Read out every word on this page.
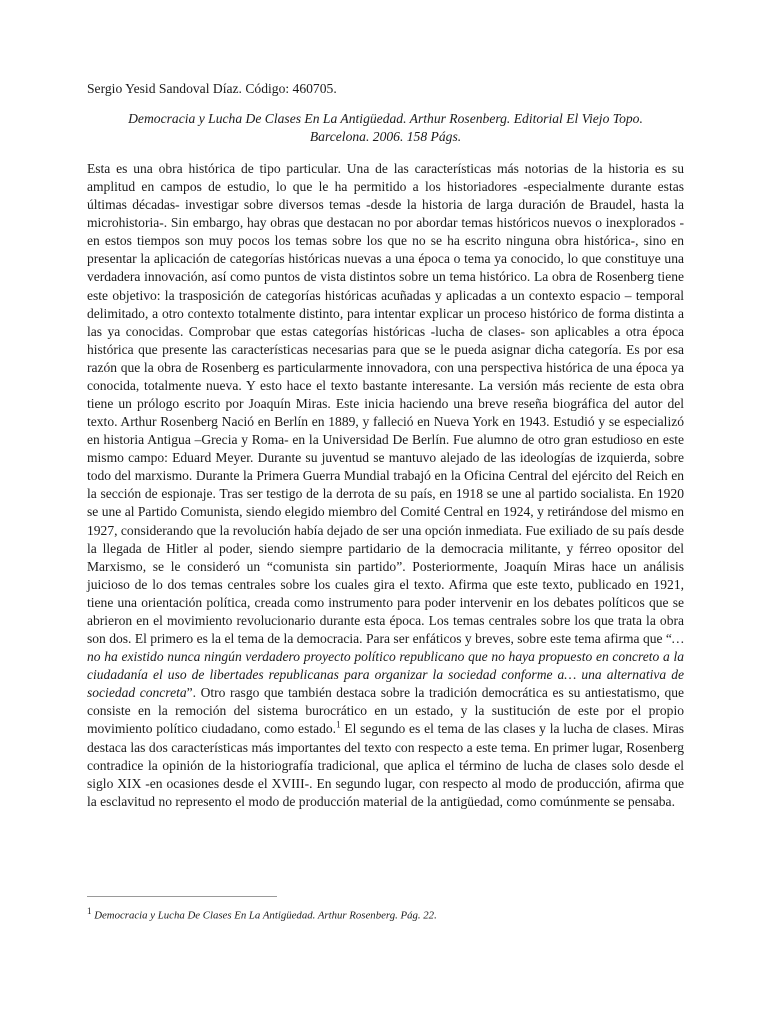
Sergio Yesid Sandoval Díaz. Código: 460705.

Democracia y Lucha De Clases En La Antigüedad. Arthur Rosenberg. Editorial El Viejo Topo.
Barcelona. 2006. 158 Págs.

Esta es una obra histórica de tipo particular. Una de las características más notorias de la historia es su amplitud en campos de estudio, lo que le ha permitido a los historiadores -especialmente durante estas últimas décadas- investigar sobre diversos temas -desde la historia de larga duración de Braudel, hasta la microhistoria-. Sin embargo, hay obras que destacan no por abordar temas históricos nuevos o inexplorados -en estos tiempos son muy pocos los temas sobre los que no se ha escrito ninguna obra histórica-, sino en presentar la aplicación de categorías históricas nuevas a una época o tema ya conocido, lo que constituye una verdadera innovación, así como puntos de vista distintos sobre un tema histórico. La obra de Rosenberg tiene este objetivo: la trasposición de categorías históricas acuñadas y aplicadas a un contexto espacio – temporal delimitado, a otro contexto totalmente distinto, para intentar explicar un proceso histórico de forma distinta a las ya conocidas. Comprobar que estas categorías históricas -lucha de clases- son aplicables a otra época histórica que presente las características necesarias para que se le pueda asignar dicha categoría. Es por esa razón que la obra de Rosenberg es particularmente innovadora, con una perspectiva histórica de una época ya conocida, totalmente nueva. Y esto hace el texto bastante interesante. La versión más reciente de esta obra tiene un prólogo escrito por Joaquín Miras. Este inicia haciendo una breve reseña biográfica del autor del texto. Arthur Rosenberg Nació en Berlín en 1889, y falleció en Nueva York en 1943. Estudió y se especializó en historia Antigua –Grecia y Roma- en la Universidad De Berlín. Fue alumno de otro gran estudioso en este mismo campo: Eduard Meyer. Durante su juventud se mantuvo alejado de las ideologías de izquierda, sobre todo del marxismo. Durante la Primera Guerra Mundial trabajó en la Oficina Central del ejército del Reich en la sección de espionaje. Tras ser testigo de la derrota de su país, en 1918 se une al partido socialista. En 1920 se une al Partido Comunista, siendo elegido miembro del Comité Central en 1924, y retirándose del mismo en 1927, considerando que la revolución había dejado de ser una opción inmediata. Fue exiliado de su país desde la llegada de Hitler al poder, siendo siempre partidario de la democracia militante, y férreo opositor del Marxismo, se le consideró un “comunista sin partido”. Posteriormente, Joaquín Miras hace un análisis juicioso de lo dos temas centrales sobre los cuales gira el texto. Afirma que este texto, publicado en 1921, tiene una orientación política, creada como instrumento para poder intervenir en los debates políticos que se abrieron en el movimiento revolucionario durante esta época. Los temas centrales sobre los que trata la obra son dos. El primero es la el tema de la democracia. Para ser enfáticos y breves, sobre este tema afirma que “… no ha existido nunca ningún verdadero proyecto político republicano que no haya propuesto en concreto a la ciudadanía el uso de libertades republicanas para organizar la sociedad conforme a… una alternativa de sociedad concreta”. Otro rasgo que también destaca sobre la tradición democrática es su antiestatismo, que consiste en la remoción del sistema burocrático en un estado, y la sustitución de este por el propio movimiento político ciudadano, como estado.$^1$ El segundo es el tema de las clases y la lucha de clases. Miras destaca las dos características más importantes del texto con respecto a este tema. En primer lugar, Rosenberg contradice la opinión de la historiografía tradicional, que aplica el término de lucha de clases solo desde el siglo XIX -en ocasiones desde el XVIII-. En segundo lugar, con respecto al modo de producción, afirma que la esclavitud no represento el modo de producción material de la antigüedad, como comúnmente se pensaba.

$^1$ Democracia y Lucha De Clases En La Antigüedad. Arthur Rosenberg. Pág. 22.
